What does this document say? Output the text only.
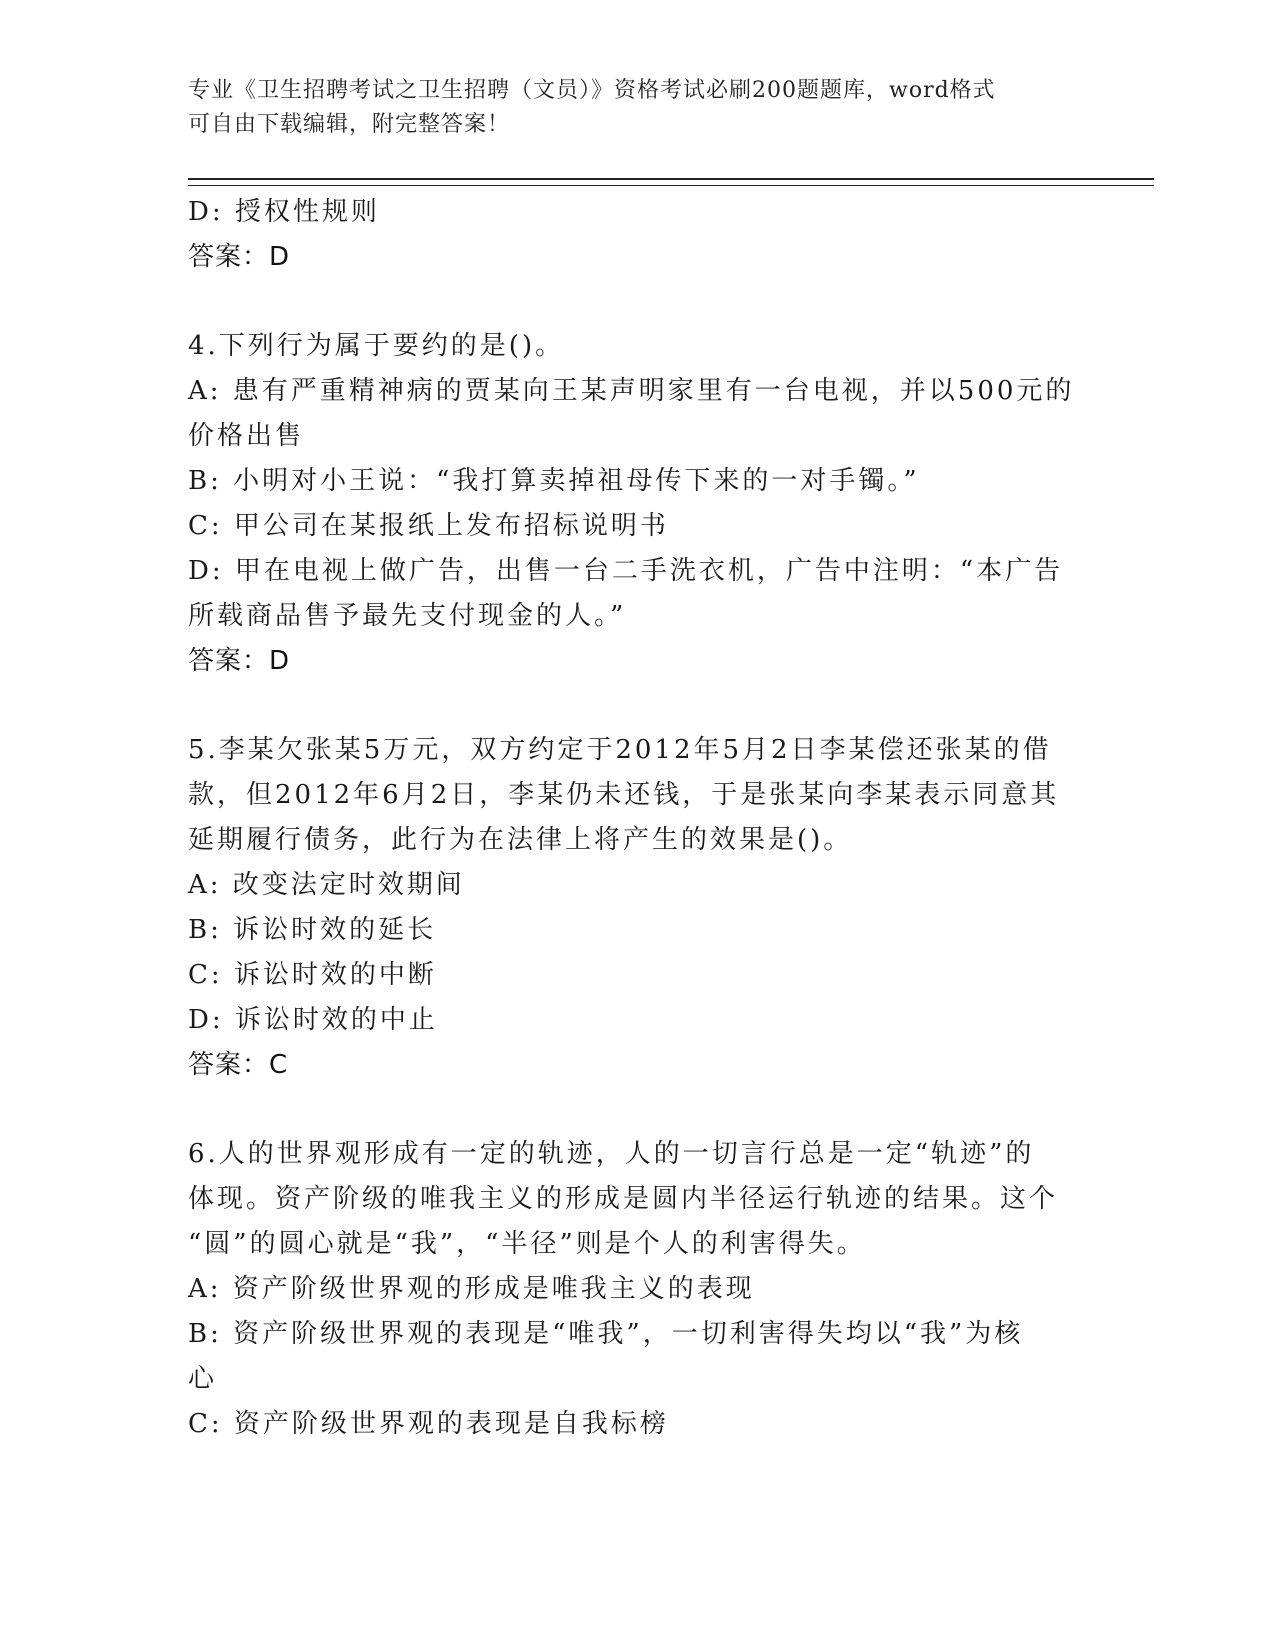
专业《卫生招聘考试之卫生招聘（文员）》资格考试必刷200题题库，word格式
可自由下载编辑，附完整答案！
D: 授权性规则
答案：D
4.下列行为属于要约的是()。
A: 患有严重精神病的贾某向王某声明家里有一台电视，并以500元的
价格出售
B: 小明对小王说：“我打算卖掉祖母传下来的一对手镯。”
C: 甲公司在某报纸上发布招标说明书
D: 甲在电视上做广告，出售一台二手洗衣机，广告中注明：“本广告
所载商品售予最先支付现金的人。”
答案：D
5.李某欠张某5万元，双方约定于2012年5月2日李某偿还张某的借
款，但2012年6月2日，李某仍未还钱，于是张某向李某表示同意其
延期履行债务，此行为在法律上将产生的效果是()。
A: 改变法定时效期间
B: 诉讼时效的延长
C: 诉讼时效的中断
D: 诉讼时效的中止
答案：C
6.人的世界观形成有一定的轨迹，人的一切言行总是一定“轨迹”的
体现。资产阶级的唯我主义的形成是圆内半径运行轨迹的结果。这个
“圆”的圆心就是“我”，“半径”则是个人的利害得失。
A: 资产阶级世界观的形成是唯我主义的表现
B: 资产阶级世界观的表现是“唯我”，一切利害得失均以“我”为核
心
C: 资产阶级世界观的表现是自我标榜
